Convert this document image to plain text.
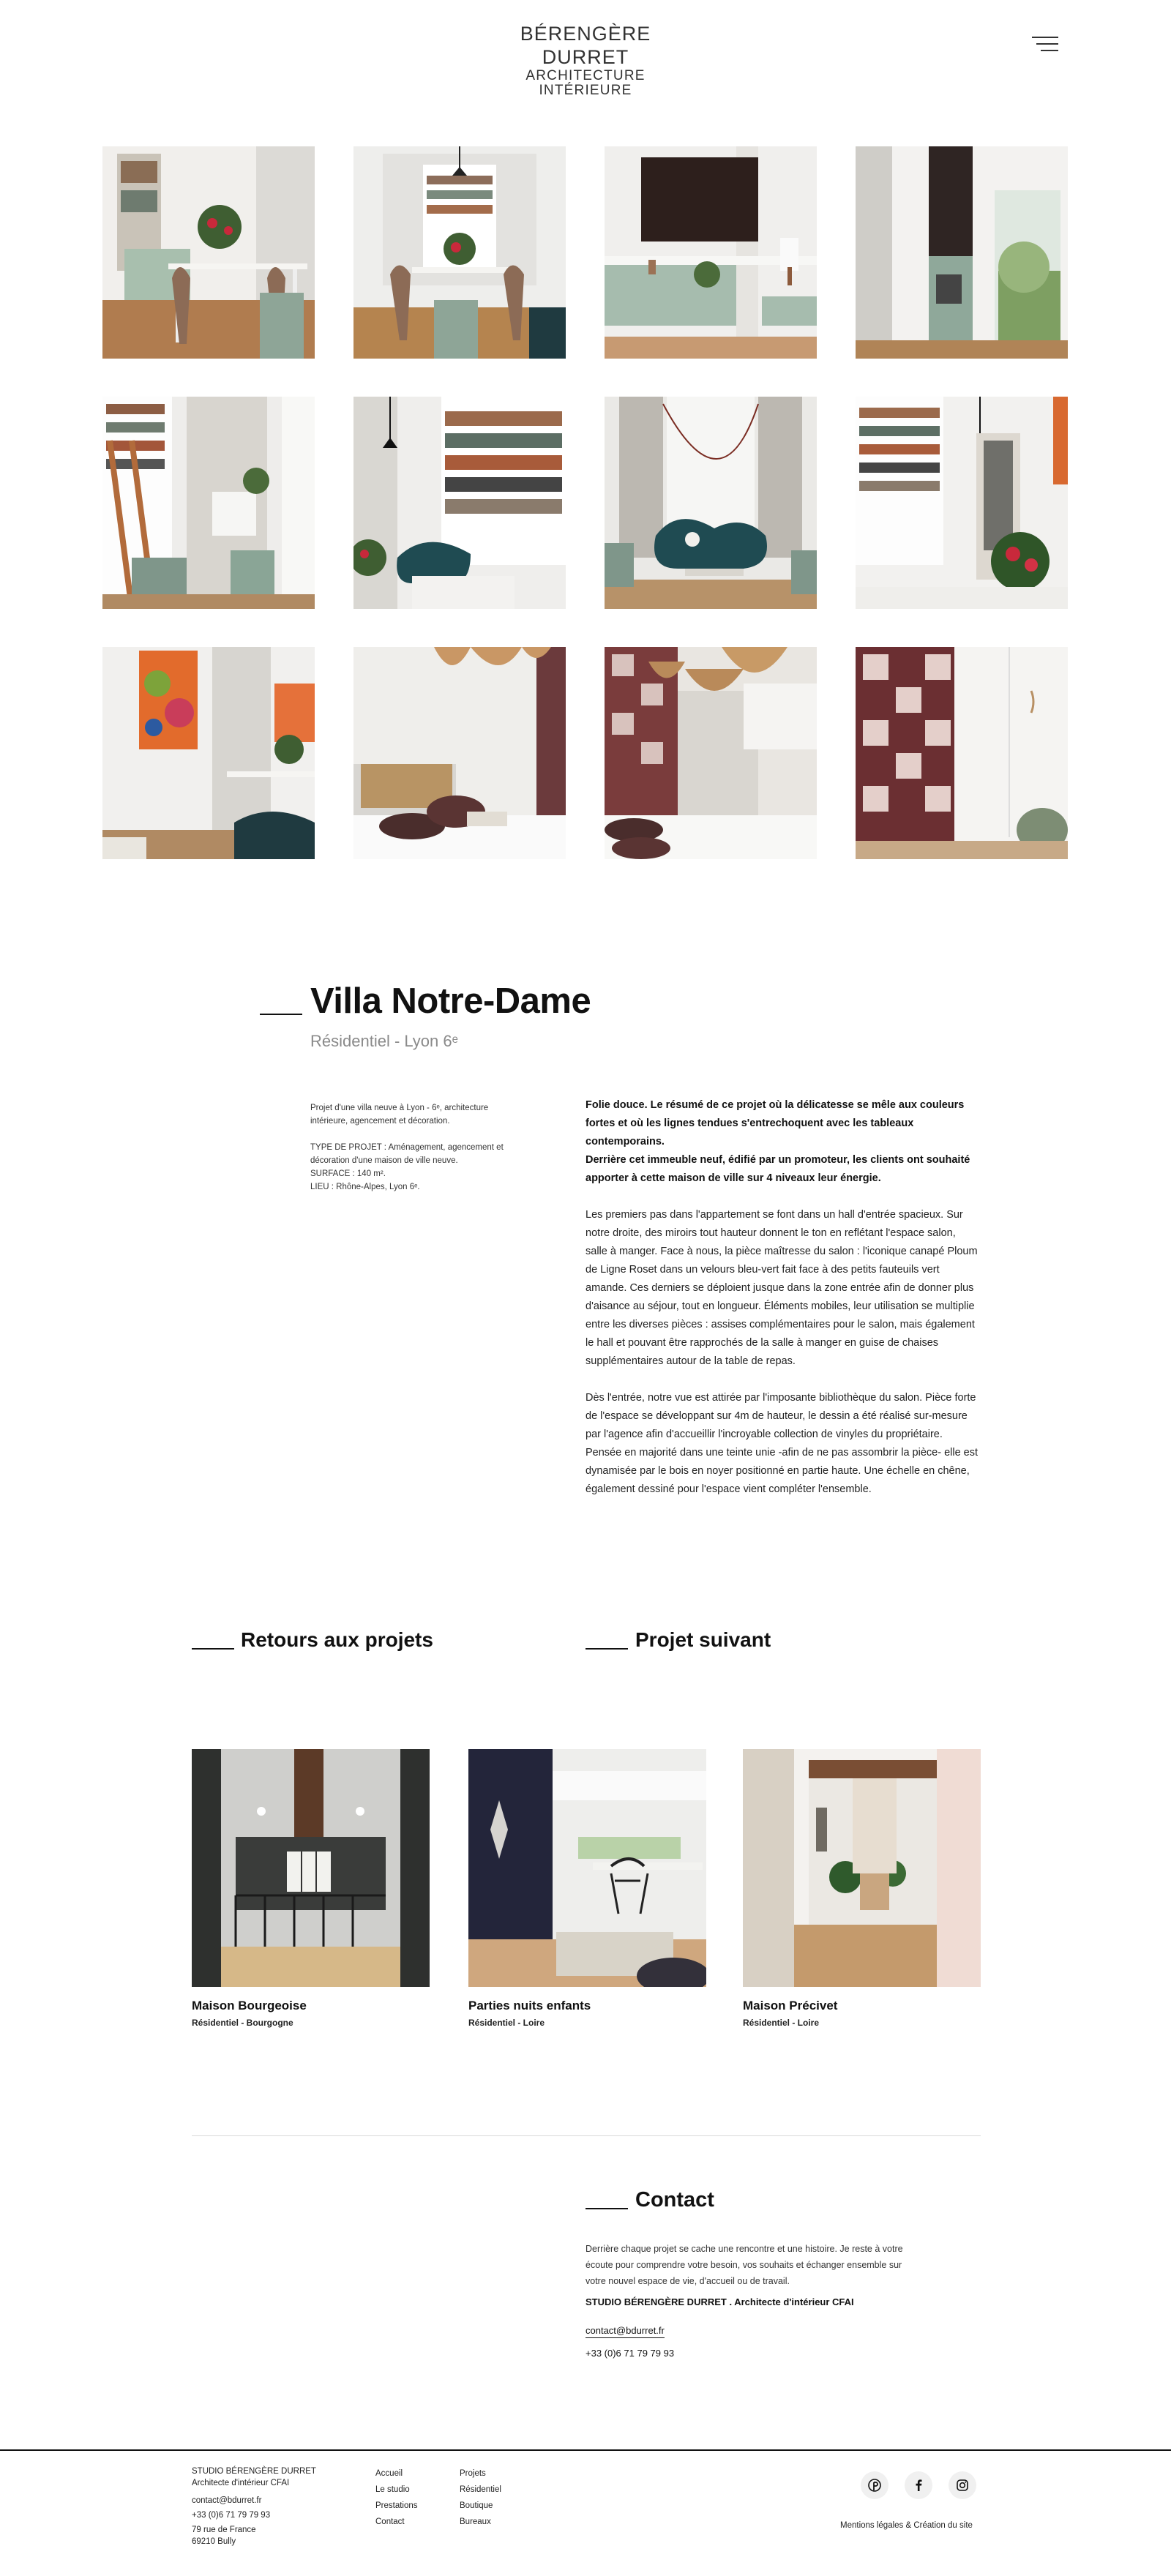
BÉRENGÈRE DURRET
ARCHITECTURE INTÉRIEURE
Villa Notre-Dame
Résidentiel - Lyon 6ᵉ

Projet d'une villa neuve à Lyon - 6ᵉ, architecture intérieure, agencement et décoration.

TYPE DE PROJET : Aménagement, agencement et décoration d'une maison de ville neuve.
SURFACE : 140 m².
LIEU : Rhône-Alpes, Lyon 6ᵉ.
Folie douce. Le résumé de ce projet où la délicatesse se mêle aux couleurs fortes et où les lignes tendues s'entrechoquent avec les tableaux contemporains.
Derrière cet immeuble neuf, édifié par un promoteur, les clients ont souhaité apporter à cette maison de ville sur 4 niveaux leur énergie.

Les premiers pas dans l'appartement se font dans un hall d'entrée spacieux. Sur notre droite, des miroirs tout hauteur donnent le ton en reflétant l'espace salon, salle à manger. Face à nous, la pièce maîtresse du salon : l'iconique canapé Ploum de Ligne Roset dans un velours bleu-vert fait face à des petits fauteuils vert amande. Ces derniers se déploient jusque dans la zone entrée afin de donner plus d'aisance au séjour, tout en longueur. Éléments mobiles, leur utilisation se multiplie entre les diverses pièces : assises complémentaires pour le salon, mais également le hall et pouvant être rapprochés de la salle à manger en guise de chaises supplémentaires autour de la table de repas.

Dès l'entrée, notre vue est attirée par l'imposante bibliothèque du salon. Pièce forte de l'espace se développant sur 4m de hauteur, le dessin a été réalisé sur-mesure par l'agence afin d'accueillir l'incroyable collection de vinyles du propriétaire. Pensée en majorité dans une teinte unie -afin de ne pas assombrir la pièce- elle est dynamisée par le bois en noyer positionné en partie haute. Une échelle en chêne, également dessiné pour l'espace vient compléter l'ensemble.

Retours aux projets	Projet suivant
Maison Bourgeoise
Résidentiel - Bourgogne
Parties nuits enfants
Résidentiel - Loire
Maison Précivet
Résidentiel - Loire
Contact
Derrière chaque projet se cache une rencontre et une histoire. Je reste à votre écoute pour comprendre votre besoin, vos souhaits et échanger ensemble sur votre nouvel espace de vie, d'accueil ou de travail.
STUDIO BÉRENGÈRE DURRET . Architecte d'intérieur CFAI
contact@bdurret.fr
+33 (0)6 71 79 79 93
STUDIO BÉRENGÈRE DURRET
Architecte d'intérieur CFAI
contact@bdurret.fr
+33 (0)6 71 79 79 93
79 rue de France
69210 Bully
Accueil
Le studio
Prestations
Contact
Projets
Résidentiel
Boutique
Bureaux	Mentions légales & Création du site
